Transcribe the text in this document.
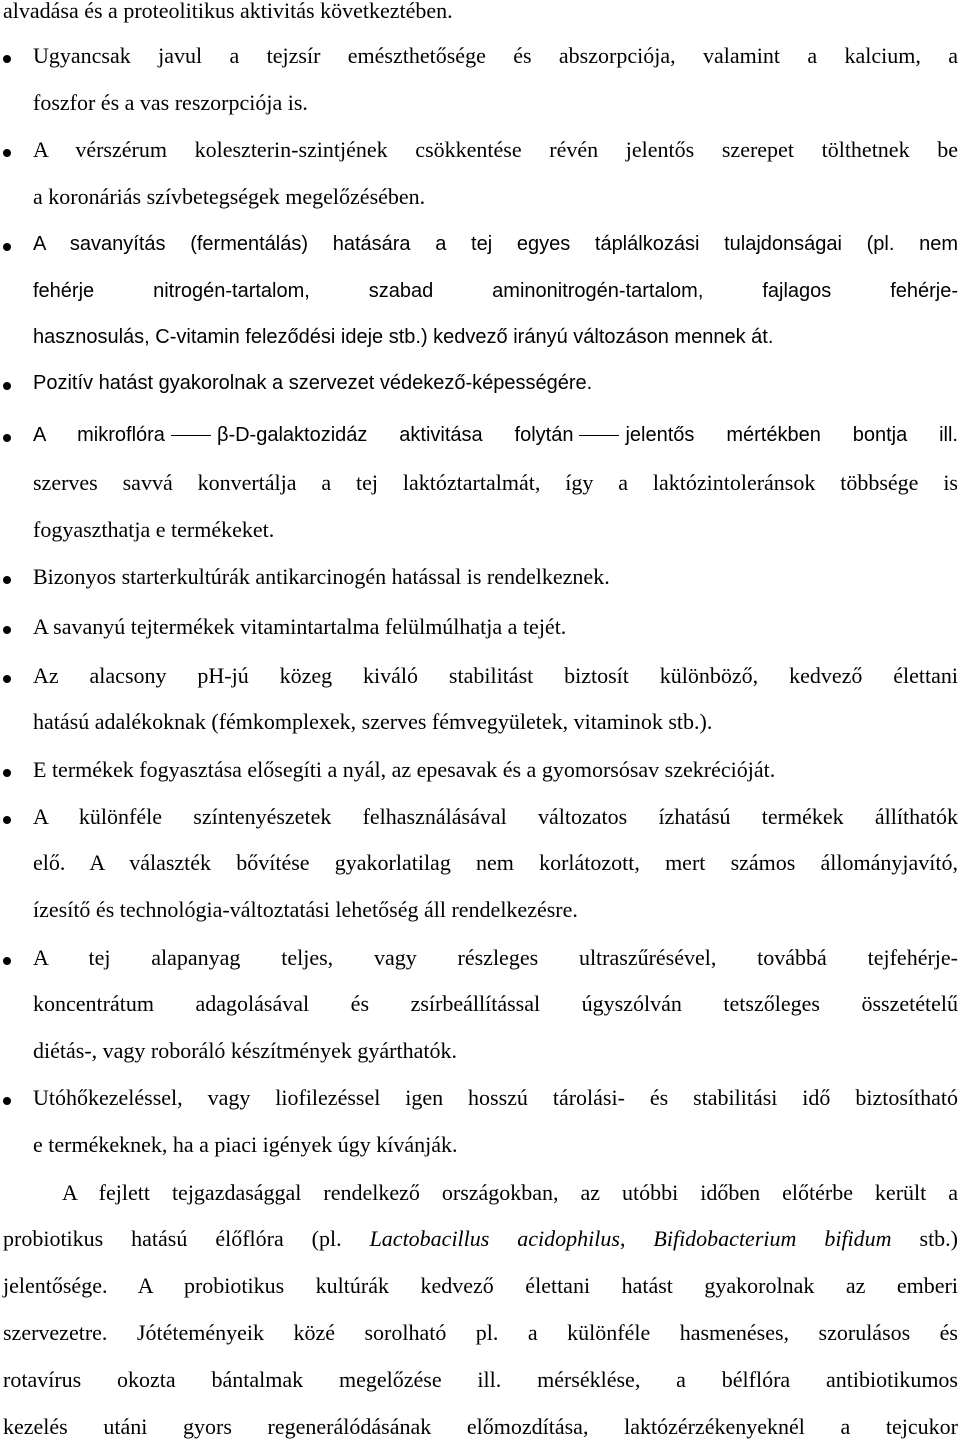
alvadása és a proteolitikus aktivitás következtében.
Ugyancsak javul a tejzsír emészthetősége és abszorpciója, valamint a kalcium, a
foszfor és a vas reszorpciója is.
A vérszérum koleszterin-szintjének csökkentése révén jelentős szerepet tölthetnek be
a koronáriás szívbetegségek megelőzésében.
A savanyítás (fermentálás) hatására a tej egyes táplálkozási tulajdonságai (pl. nem
fehérje nitrogén-tartalom, szabad aminonitrogén-tartalom, fajlagos fehérje-
hasznosulás, C-vitamin feleződési ideje stb.) kedvező irányú változáson mennek át.
Pozitív hatást gyakorolnak a szervezet védekező-képességére.
A mikroflóra	β-D-galaktozidáz aktivitása folytán	jelentős mértékben bontja ill.
szerves savvá konvertálja a tej laktóztartalmát, így a laktózintoleránsok többsége is
fogyaszthatja e termékeket.
Bizonyos starterkultúrák antikarcinogén hatással is rendelkeznek.
A savanyú tejtermékek vitamintartalma felülmúlhatja a tejét.
Az alacsony pH-jú közeg kiváló stabilitást biztosít különböző, kedvező élettani
hatású adalékoknak (fémkomplexek, szerves fémvegyületek, vitaminok stb.).
E termékek fogyasztása elősegíti a nyál, az epesavak és a gyomorsósav szekrécióját.
A különféle színtenyészetek felhasználásával változatos ízhatású termékek állíthatók
elő. A választék bővítése gyakorlatilag nem korlátozott, mert számos állományjavító,
ízesítő és technológia-változtatási lehetőség áll rendelkezésre.
A tej alapanyag teljes, vagy részleges ultraszűrésével, továbbá tejfehérje-
koncentrátum adagolásával és zsírbeállítással úgyszólván tetszőleges összetételű
diétás-, vagy roboráló készítmények gyárthatók.
Utóhőkezeléssel, vagy liofilezéssel igen hosszú tárolási- és stabilitási idő biztosítható
e termékeknek, ha a piaci igények úgy kívánják.
A fejlett tejgazdasággal rendelkező országokban, az utóbbi időben előtérbe került a
probiotikus hatású élőflóra (pl. Lactobacillus acidophilus, Bifidobacterium bifidum stb.)
jelentősége. A probiotikus kultúrák kedvező élettani hatást gyakorolnak az emberi
szervezetre. Jótéteményeik közé sorolható pl. a különféle hasmenéses, szorulásos és
rotavírus okozta bántalmak megelőzése ill. mérséklése, a bélflóra antibiotikumos
kezelés utáni gyors regenerálódásának előmozdítása, laktózérzékenyeknél a tejcukor
